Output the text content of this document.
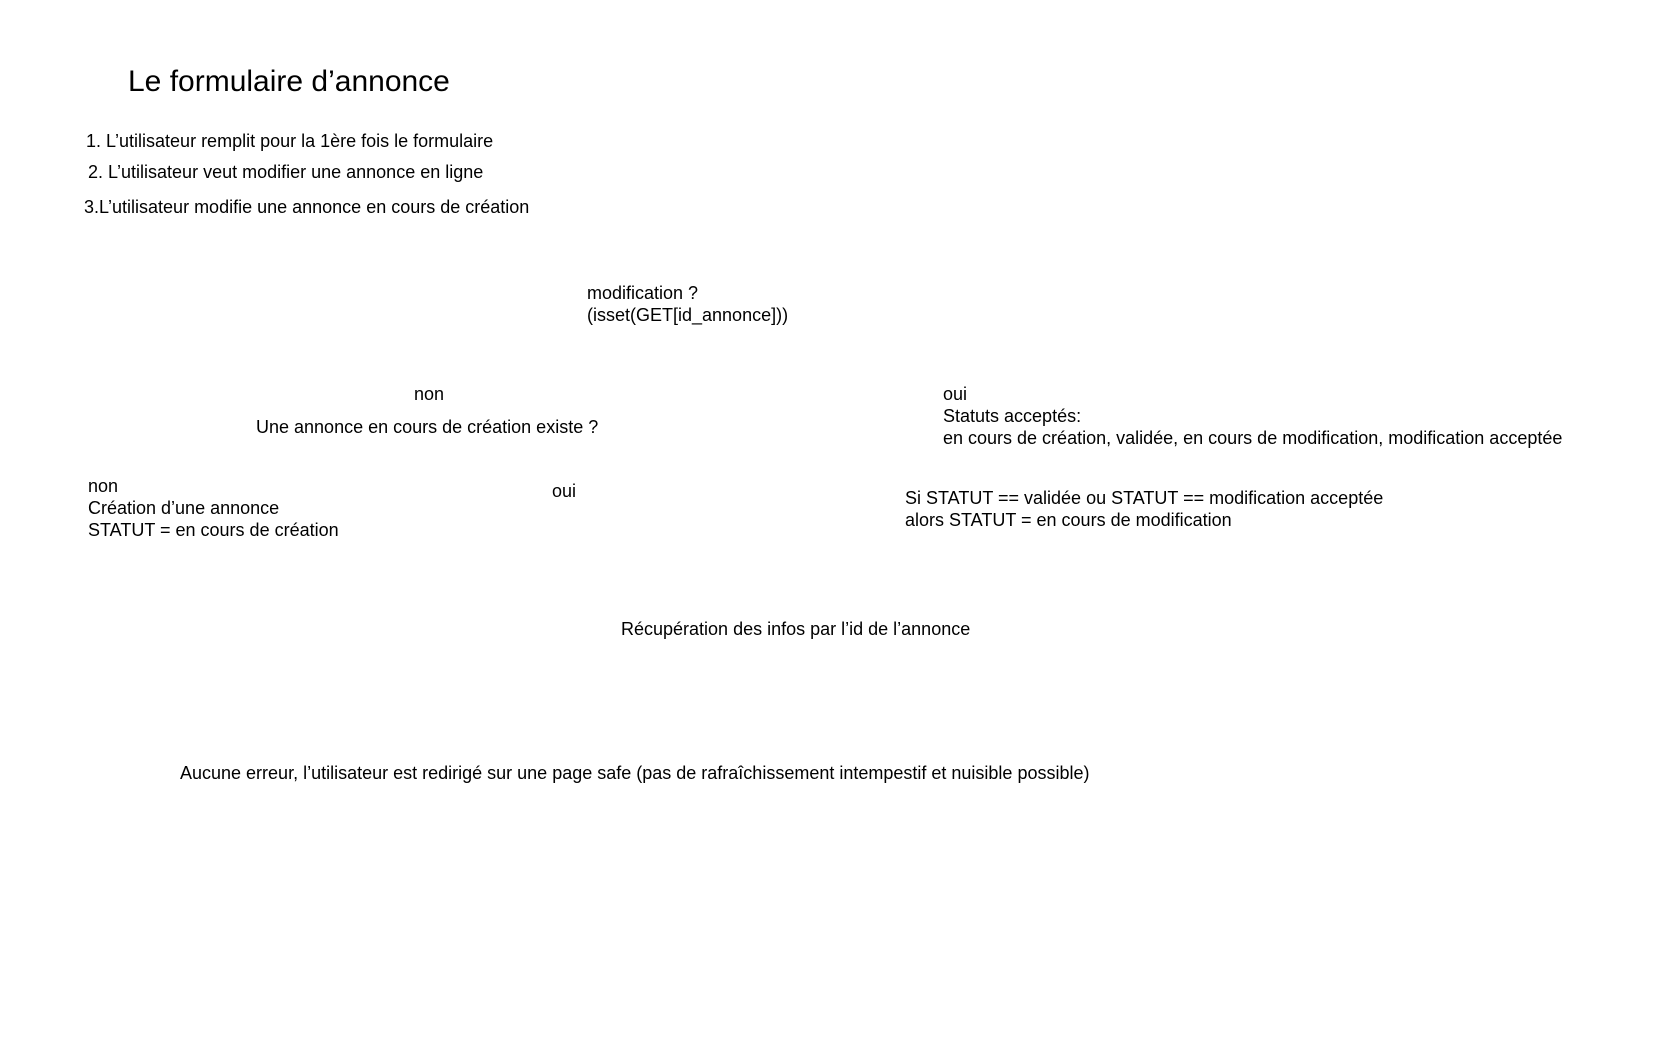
Le formulaire d’annonce
1. L’utilisateur remplit pour la 1ère fois le formulaire
2. L’utilisateur veut modifier une annonce en ligne
3.L’utilisateur modifie une annonce en cours de création
modification ?
(isset(GET[id_annonce]))
non
Une annonce en cours de création existe ?
non
Création d’une annonce
STATUT = en cours de création
oui
oui
Statuts acceptés:
en cours de création, validée, en cours de modification, modification acceptée
Si STATUT == validée ou STATUT == modification acceptée
alors STATUT = en cours de modification
Récupération des infos par l’id de l’annonce
Aucune erreur, l’utilisateur est redirigé sur une page safe (pas de rafraîchissement intempestif et nuisible possible)
